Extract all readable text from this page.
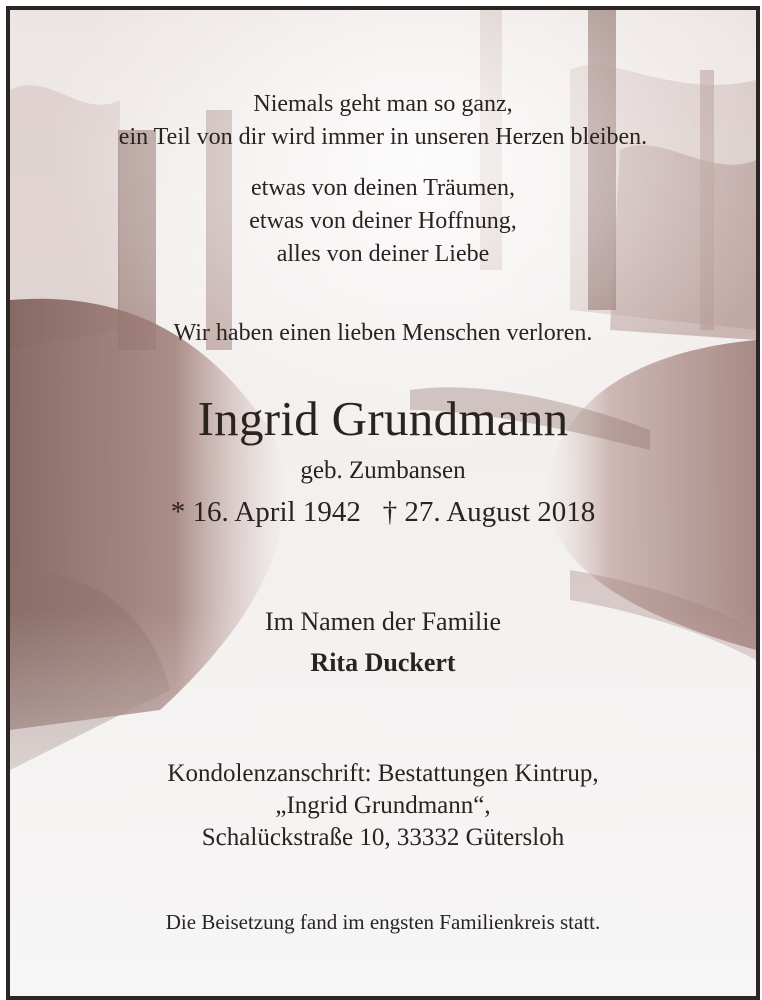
Niemals geht man so ganz,

ein Teil von dir wird immer in unseren Herzen bleiben.

etwas von deinen Träumen,

etwas von deiner Hoffnung,

alles von deiner Liebe

Wir haben einen lieben Menschen verloren.

Ingrid Grundmann

geb. Zumbansen

* 16. April 1942 † 27. August 2018

Im Namen der Familie

Rita Duckert

Kondolenzanschrift: Bestattungen Kintrup,

„Ingrid Grundmann“,

Schalückstraße 10, 33332 Gütersloh

Die Beisetzung fand im engsten Familienkreis statt.
